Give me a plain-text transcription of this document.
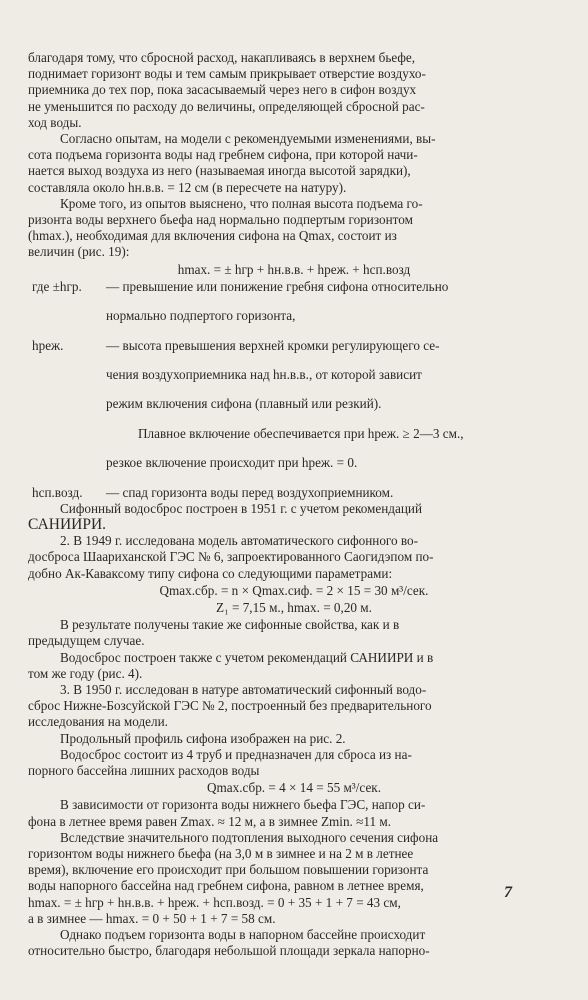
благодаря тому, что сбросной расход, накапливаясь в верхнем бьефе,

поднимает горизонт воды и тем самым прикрывает отверстие воздухо-

приемника до тех пор, пока засасываемый через него в сифон воздух

не уменьшится по расходу до величины, определяющей сбросной рас-

ход воды.

Согласно опытам, на модели с рекомендуемыми изменениями, вы-

сота подъема горизонта воды над гребнем сифона, при которой начи-

нается выход воздуха из него (называемая иногда высотой зарядки),

составляла около hн.в.в. = 12 см (в пересчете на натуру).

Кроме того, из опытов выяснено, что полная высота подъема го-

ризонта воды верхнего бьефа над нормально подпертым горизонтом

(hmax.), необходимая для включения сифона на Qmax, состоит из

величин (рис. 19):

hmax. = ± hгр + hн.в.в. + hреж. + hсп.возд

где ±hгр.	— превышение или понижение гребня сифона относительно

нормально подпертого горизонта,

hреж.	— высота превышения верхней кромки регулирующего се-

чения воздухоприемника над hн.в.в., от которой зависит

режим включения сифона (плавный или резкий).

Плавное включение обеспечивается при hреж. ≥ 2—3 см.,

резкое включение происходит при hреж. = 0.

hсп.возд.	— спад горизонта воды перед воздухоприемником.

Сифонный водосброс построен в 1951 г. с учетом рекомендаций

САНИИРИ.

2. В 1949 г. исследована модель автоматического сифонного во-

досброса Шаариханской ГЭС № 6, запроектированного Саогидэпом по-

добно Ак-Каваксому типу сифона со следующими параметрами:

Qmax.сбр. = n × Qmax.сиф. = 2 × 15 = 30 м³/сек.

Z₁ = 7,15 м., hmax. = 0,20 м.

В результате получены такие же сифонные свойства, как и в

предыдущем случае.

Водосброс построен также с учетом рекомендаций САНИИРИ и в

том же году (рис. 4).

3. В 1950 г. исследован в натуре автоматический сифонный водо-

сброс Нижне-Бозсуйской ГЭС № 2, построенный без предварительного

исследования на модели.

Продольный профиль сифона изображен на рис. 2.

Водосброс состоит из 4 труб и предназначен для сброса из на-

порного бассейна лишних расходов воды

Qmax.сбр. = 4 × 14 = 55 м³/сек.

В зависимости от горизонта воды нижнего бьефа ГЭС, напор си-

фона в летнее время равен Zmax. ≈ 12 м, а в зимнее Zmin. ≈11 м.

Вследствие значительного подтопления выходного сечения сифона

горизонтом воды нижнего бьефа (на 3,0 м в зимнее и на 2 м в летнее

время), включение его происходит при большом повышении горизонта

воды напорного бассейна над гребнем сифона, равном в летнее время,

hmax. = ± hгр + hн.в.в. + hреж. + hсп.возд. = 0 + 35 + 1 + 7 = 43 см,

а в зимнее — hmax. = 0 + 50 + 1 + 7 = 58 см.

Однако подъем горизонта воды в напорном бассейне происходит

относительно быстро, благодаря небольшой площади зеркала напорно-

7
